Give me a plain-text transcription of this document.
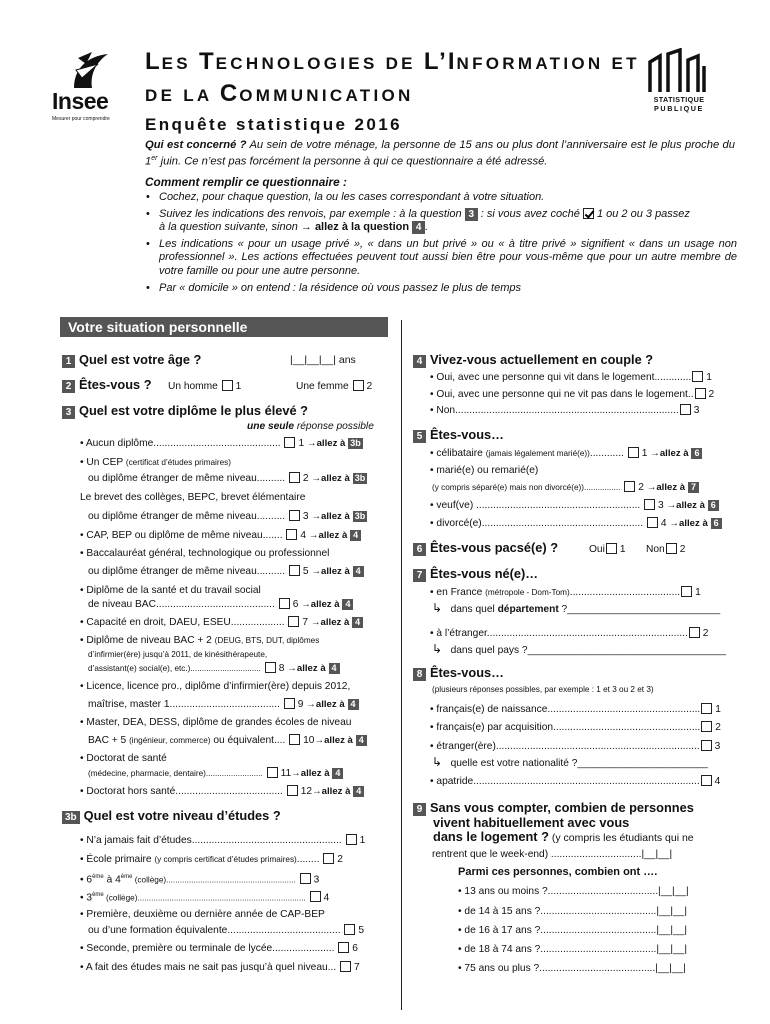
Insee
Mesurer pour comprendre
LES TECHNOLOGIES DE L’INFORMATION ET
DE LA COMMUNICATION
Enquête statistique 2016
STATISTIQUE
PUBLIQUE
Qui est concerné ? Au sein de votre ménage, la personne de 15 ans ou plus dont l’anniversaire est le plus proche du 1er juin. Ce n’est pas forcément la personne à qui ce questionnaire a été adressé.
Comment remplir ce questionnaire :
• Cochez, pour chaque question, la ou les cases correspondant à votre situation.
• Suivez les indications des renvois, par exemple : à la question 3 : si vous avez coché  1 ou 2 ou 3 passez
à la question suivante, sinon → allez à la question 4 .
• Les indications « pour un usage privé », « dans un but privé » ou « à titre privé » signifient « dans un usage non professionnel ». Les actions effectuées peuvent tout aussi bien être pour vous-même que pour un autre membre de votre famille ou pour une autre personne.
• Par « domicile » on entend : la résidence où vous passez le plus de temps
Votre situation personnelle
1 Quel est votre âge ?	|__|__|__| ans
2 Êtes-vous ? Un homme 1	Une femme 2
3 Quel est votre diplôme le plus élevé ?
une seule réponse possible
• Aucun diplôme............................................. 1 →allez à 3b
• Un CEP (certificat d’études primaires)
ou diplôme étranger de même niveau.......... 2 →allez à 3b
Le brevet des collèges, BEPC, brevet élémentaire
ou diplôme étranger de même niveau.......... 3 →allez à 3b
• CAP, BEP ou diplôme de même niveau....... 4 →allez à 4
• Baccalauréat général, technologique ou professionnel
ou diplôme étranger de même niveau.......... 5 →allez à 4
• Diplôme de la santé et du travail social
de niveau BAC.......................................... 6 →allez à 4
• Capacité en droit, DAEU, ESEU................... 7 →allez à 4
• Diplôme de niveau BAC + 2 (DEUG, BTS, DUT, diplômes
d’infirmier(ère) jusqu’à 2011, de kinésithérapeute,
d’assistant(e) social(e), etc.)............................... 8 →allez à 4
• Licence, licence pro., diplôme d’infirmier(ère) depuis 2012,
maîtrise, master 1....................................... 9 →allez à 4
• Master, DEA, DESS, diplôme de grandes écoles de niveau
BAC + 5 (ingénieur, commerce) ou équivalent.... 10→allez à 4
• Doctorat de santé
(médecine, pharmacie, dentaire)......................... 11→allez à 4
• Doctorat hors santé...................................... 12→allez à 4
3b Quel est votre niveau d’études ?
• N’a jamais fait d’études..................................................... 1
• École primaire (y compris certificat d’études primaires)........ 2
• 6ème à 4ème (collège)......................................................... 3
• 3ème (collège).......................................................................... 4
• Première, deuxième ou dernière année de CAP-BEP
ou d’une formation équivalente........................................ 5
• Seconde, première ou terminale de lycée...................... 6
• A fait des études mais ne sait pas jusqu’à quel niveau... 7
4 Vivez-vous actuellement en couple ?
• Oui, avec une personne qui vit dans le logement............. 1
• Oui, avec une personne qui ne vit pas dans le logement.. 2
• Non............................................................................... 3
5 Êtes-vous…
• célibataire (jamais légalement marié(e))............ 1 →allez à 6
• marié(e) ou remarié(e)
(y compris séparé(e) mais non divorcé(e))................ 2 →allez à 7
• veuf(ve) .......................................................... 3 →allez à 6
• divorcé(e)......................................................... 4 →allez à 6
6 Êtes-vous pacsé(e) ?	Oui 1 Non 2
7 Êtes-vous né(e)…
• en France (métropole - Dom-Tom)....................................... 1
↳ dans quel département ?___________________________
• à l’étranger....................................................................... 2
↳ dans quel pays ?___________________________________
8 Êtes-vous…
(plusieurs réponses possibles, par exemple : 1 et 3 ou 2 et 3)
• français(e) de naissance...................................................... 1
• français(e) par acquisition.................................................... 2
• étranger(ère)........................................................................ 3
↳ quelle est votre nationalité ?_______________________
• apatride................................................................................ 4
9 Sans vous compter, combien de personnes
vivent habituellement avec vous
dans le logement ? (y compris les étudiants qui ne
rentrent que le week-end) ................................|__|__|
Parmi ces personnes, combien ont ….
• 13 ans ou moins ?.......................................|__|__|
• de 14 à 15 ans ?.........................................|__|__|
• de 16 à 17 ans ?.........................................|__|__|
• de 18 à 74 ans ?.........................................|__|__|
• 75 ans ou plus ?.........................................|__|__|
